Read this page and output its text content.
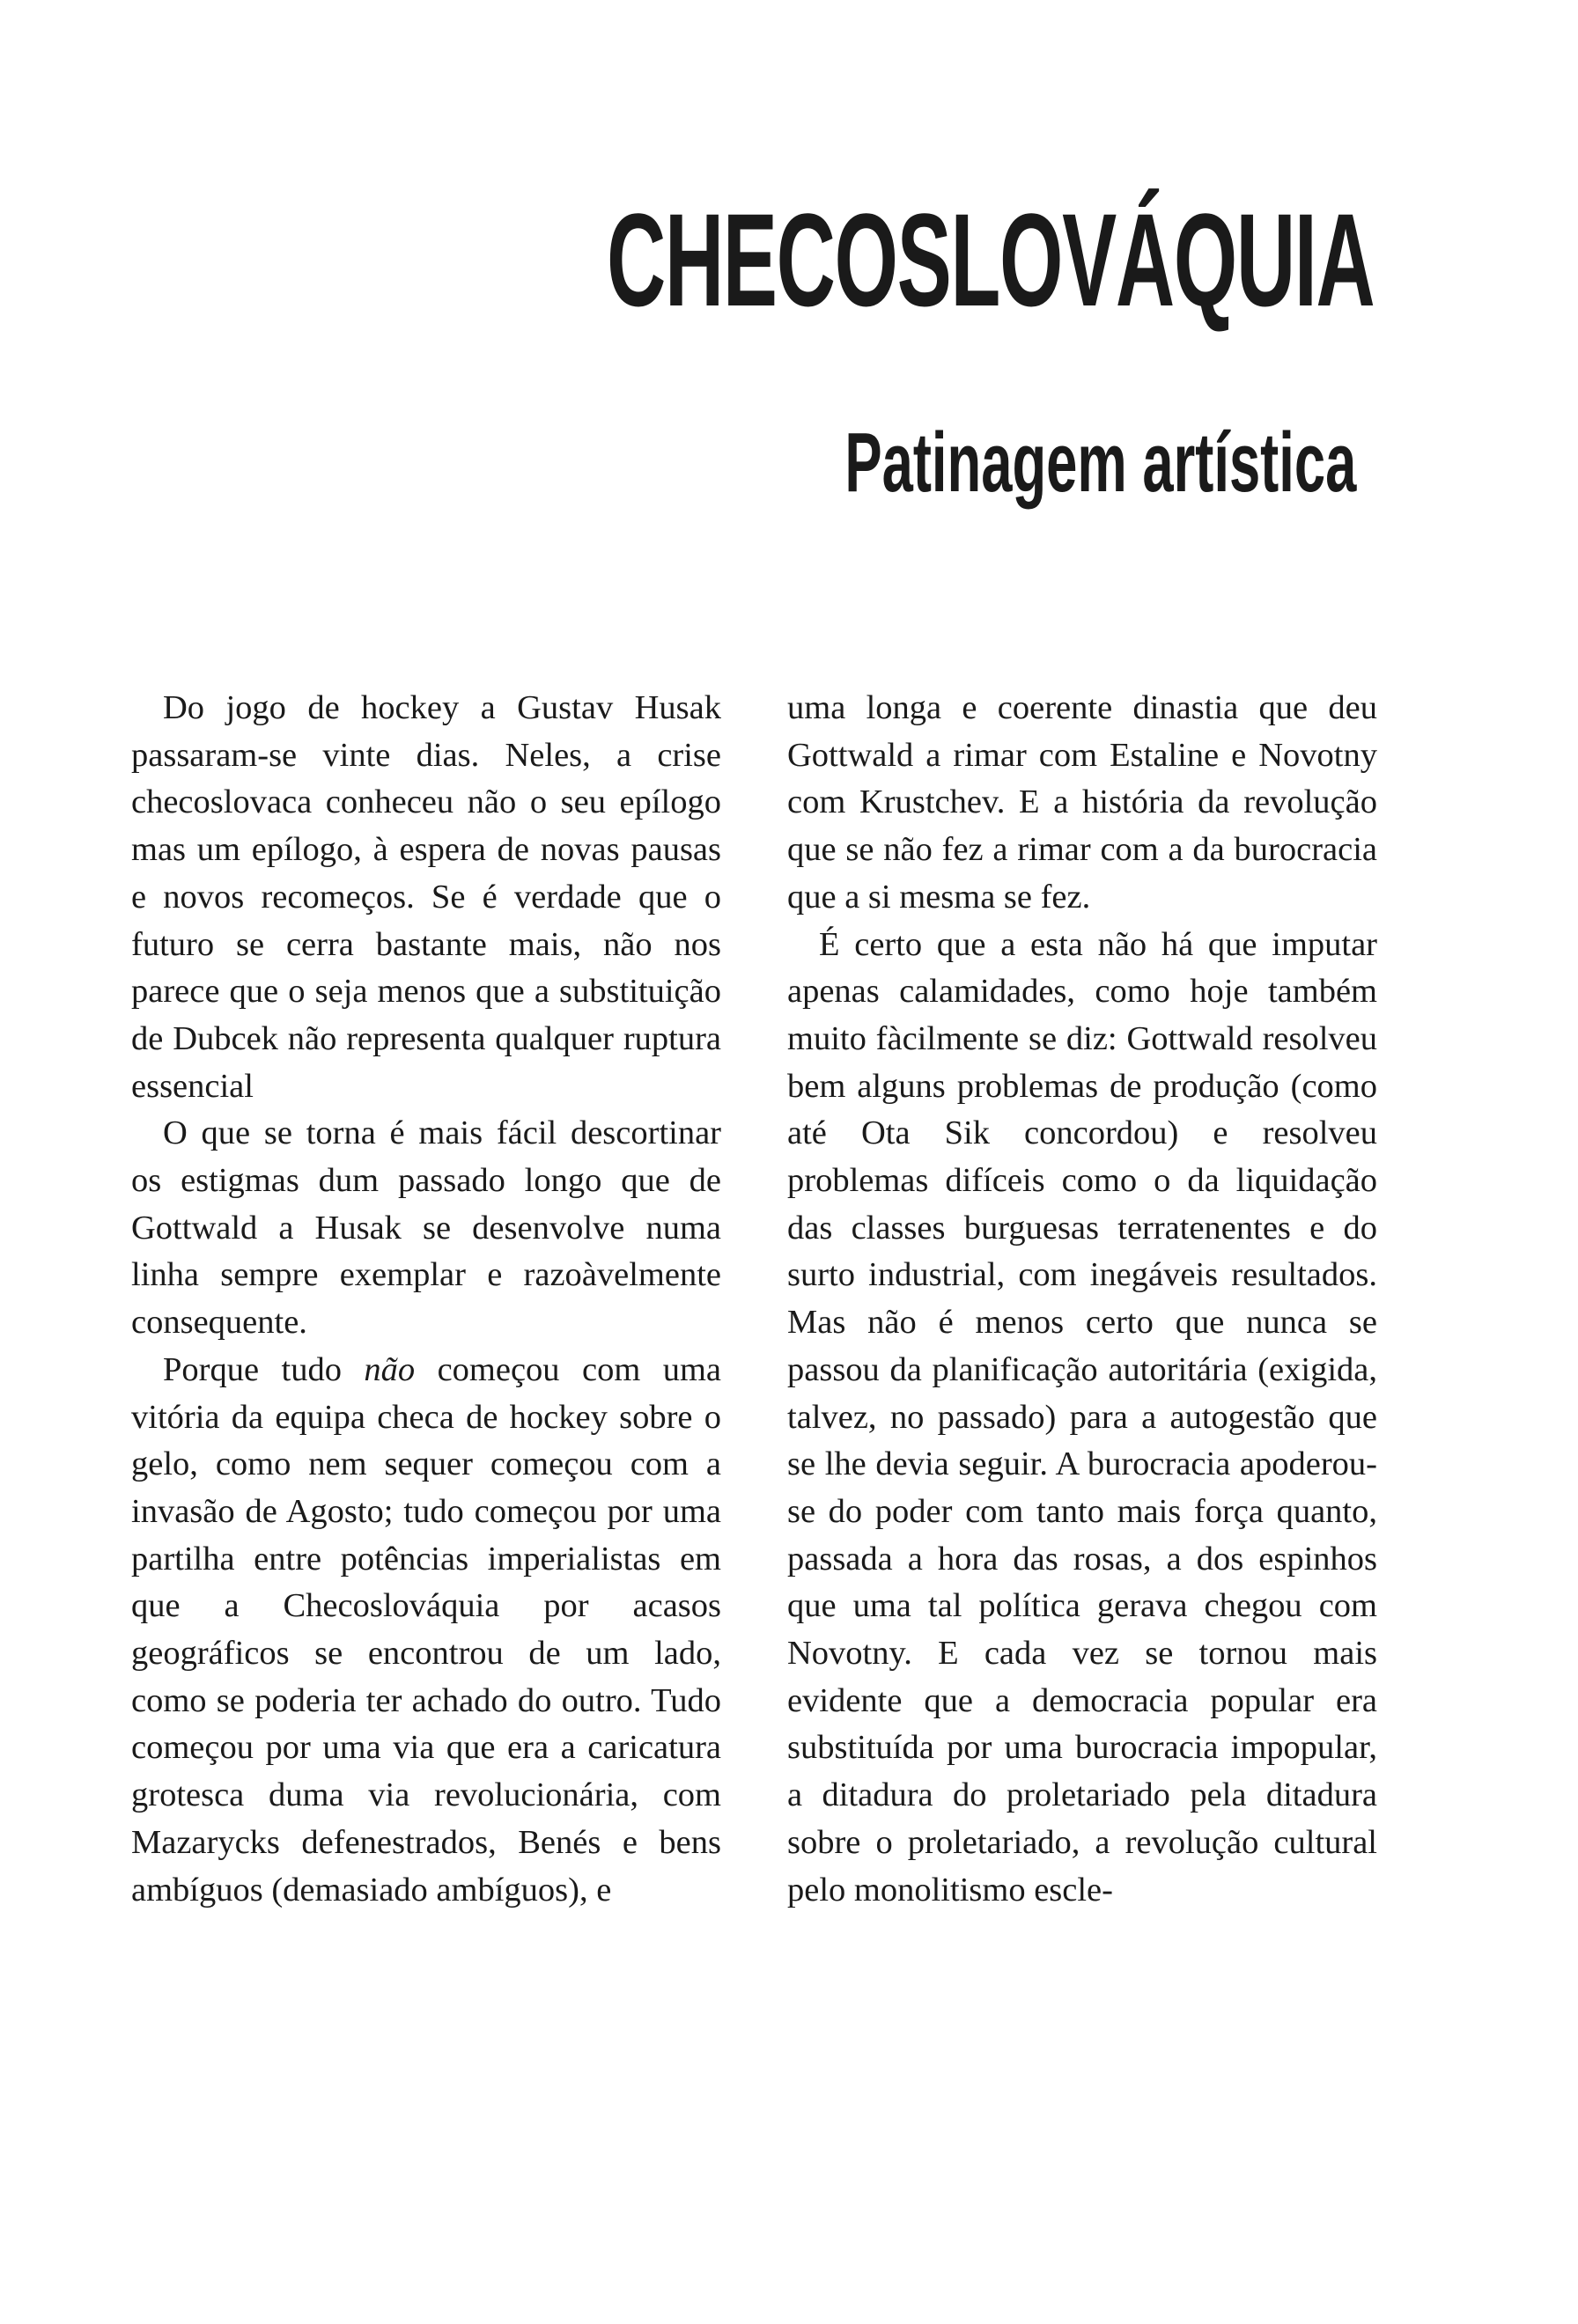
CHECOSLOVÁQUIA
Patinagem artística

Do jogo de hockey a Gustav Husak passaram-se vinte dias. Neles, a crise checoslovaca conheceu não o seu epílogo mas um epílogo, à espera de novas pausas e novos recomeços. Se é verdade que o futuro se cerra bastante mais, não nos parece que o seja menos que a substituição de Dubcek não representa qualquer ruptura essencial

O que se torna é mais fácil descortinar os estigmas dum passado longo que de Gottwald a Husak se desenvolve numa linha sempre exemplar e razoàvelmente consequente.

Porque tudo não começou com uma vitória da equipa checa de hockey sobre o gelo, como nem sequer começou com a invasão de Agosto; tudo começou por uma partilha entre potências imperialistas em que a Checoslováquia por acasos geográficos se encontrou de um lado, como se poderia ter achado do outro. Tudo começou por uma via que era a caricatura grotesca duma via revolucionária, com Mazarycks defenestrados, Benés e bens ambíguos (demasiado ambíguos), e

uma longa e coerente dinastia que deu Gottwald a rimar com Estaline e Novotny com Krustchev. E a história da revolução que se não fez a rimar com a da burocracia que a si mesma se fez.

É certo que a esta não há que imputar apenas calamidades, como hoje também muito fàcilmente se diz: Gottwald resolveu bem alguns problemas de produção (como até Ota Sik concordou) e resolveu problemas difíceis como o da liquidação das classes burguesas terratenentes e do surto industrial, com inegáveis resultados. Mas não é menos certo que nunca se passou da planificação autoritária (exigida, talvez, no passado) para a autogestão que se lhe devia seguir. A burocracia apoderou-se do poder com tanto mais força quanto, passada a hora das rosas, a dos espinhos que uma tal política gerava chegou com Novotny. E cada vez se tornou mais evidente que a democracia popular era substituída por uma burocracia impopular, a ditadura do proletariado pela ditadura sobre o proletariado, a revolução cultural pelo monolitismo escle-
